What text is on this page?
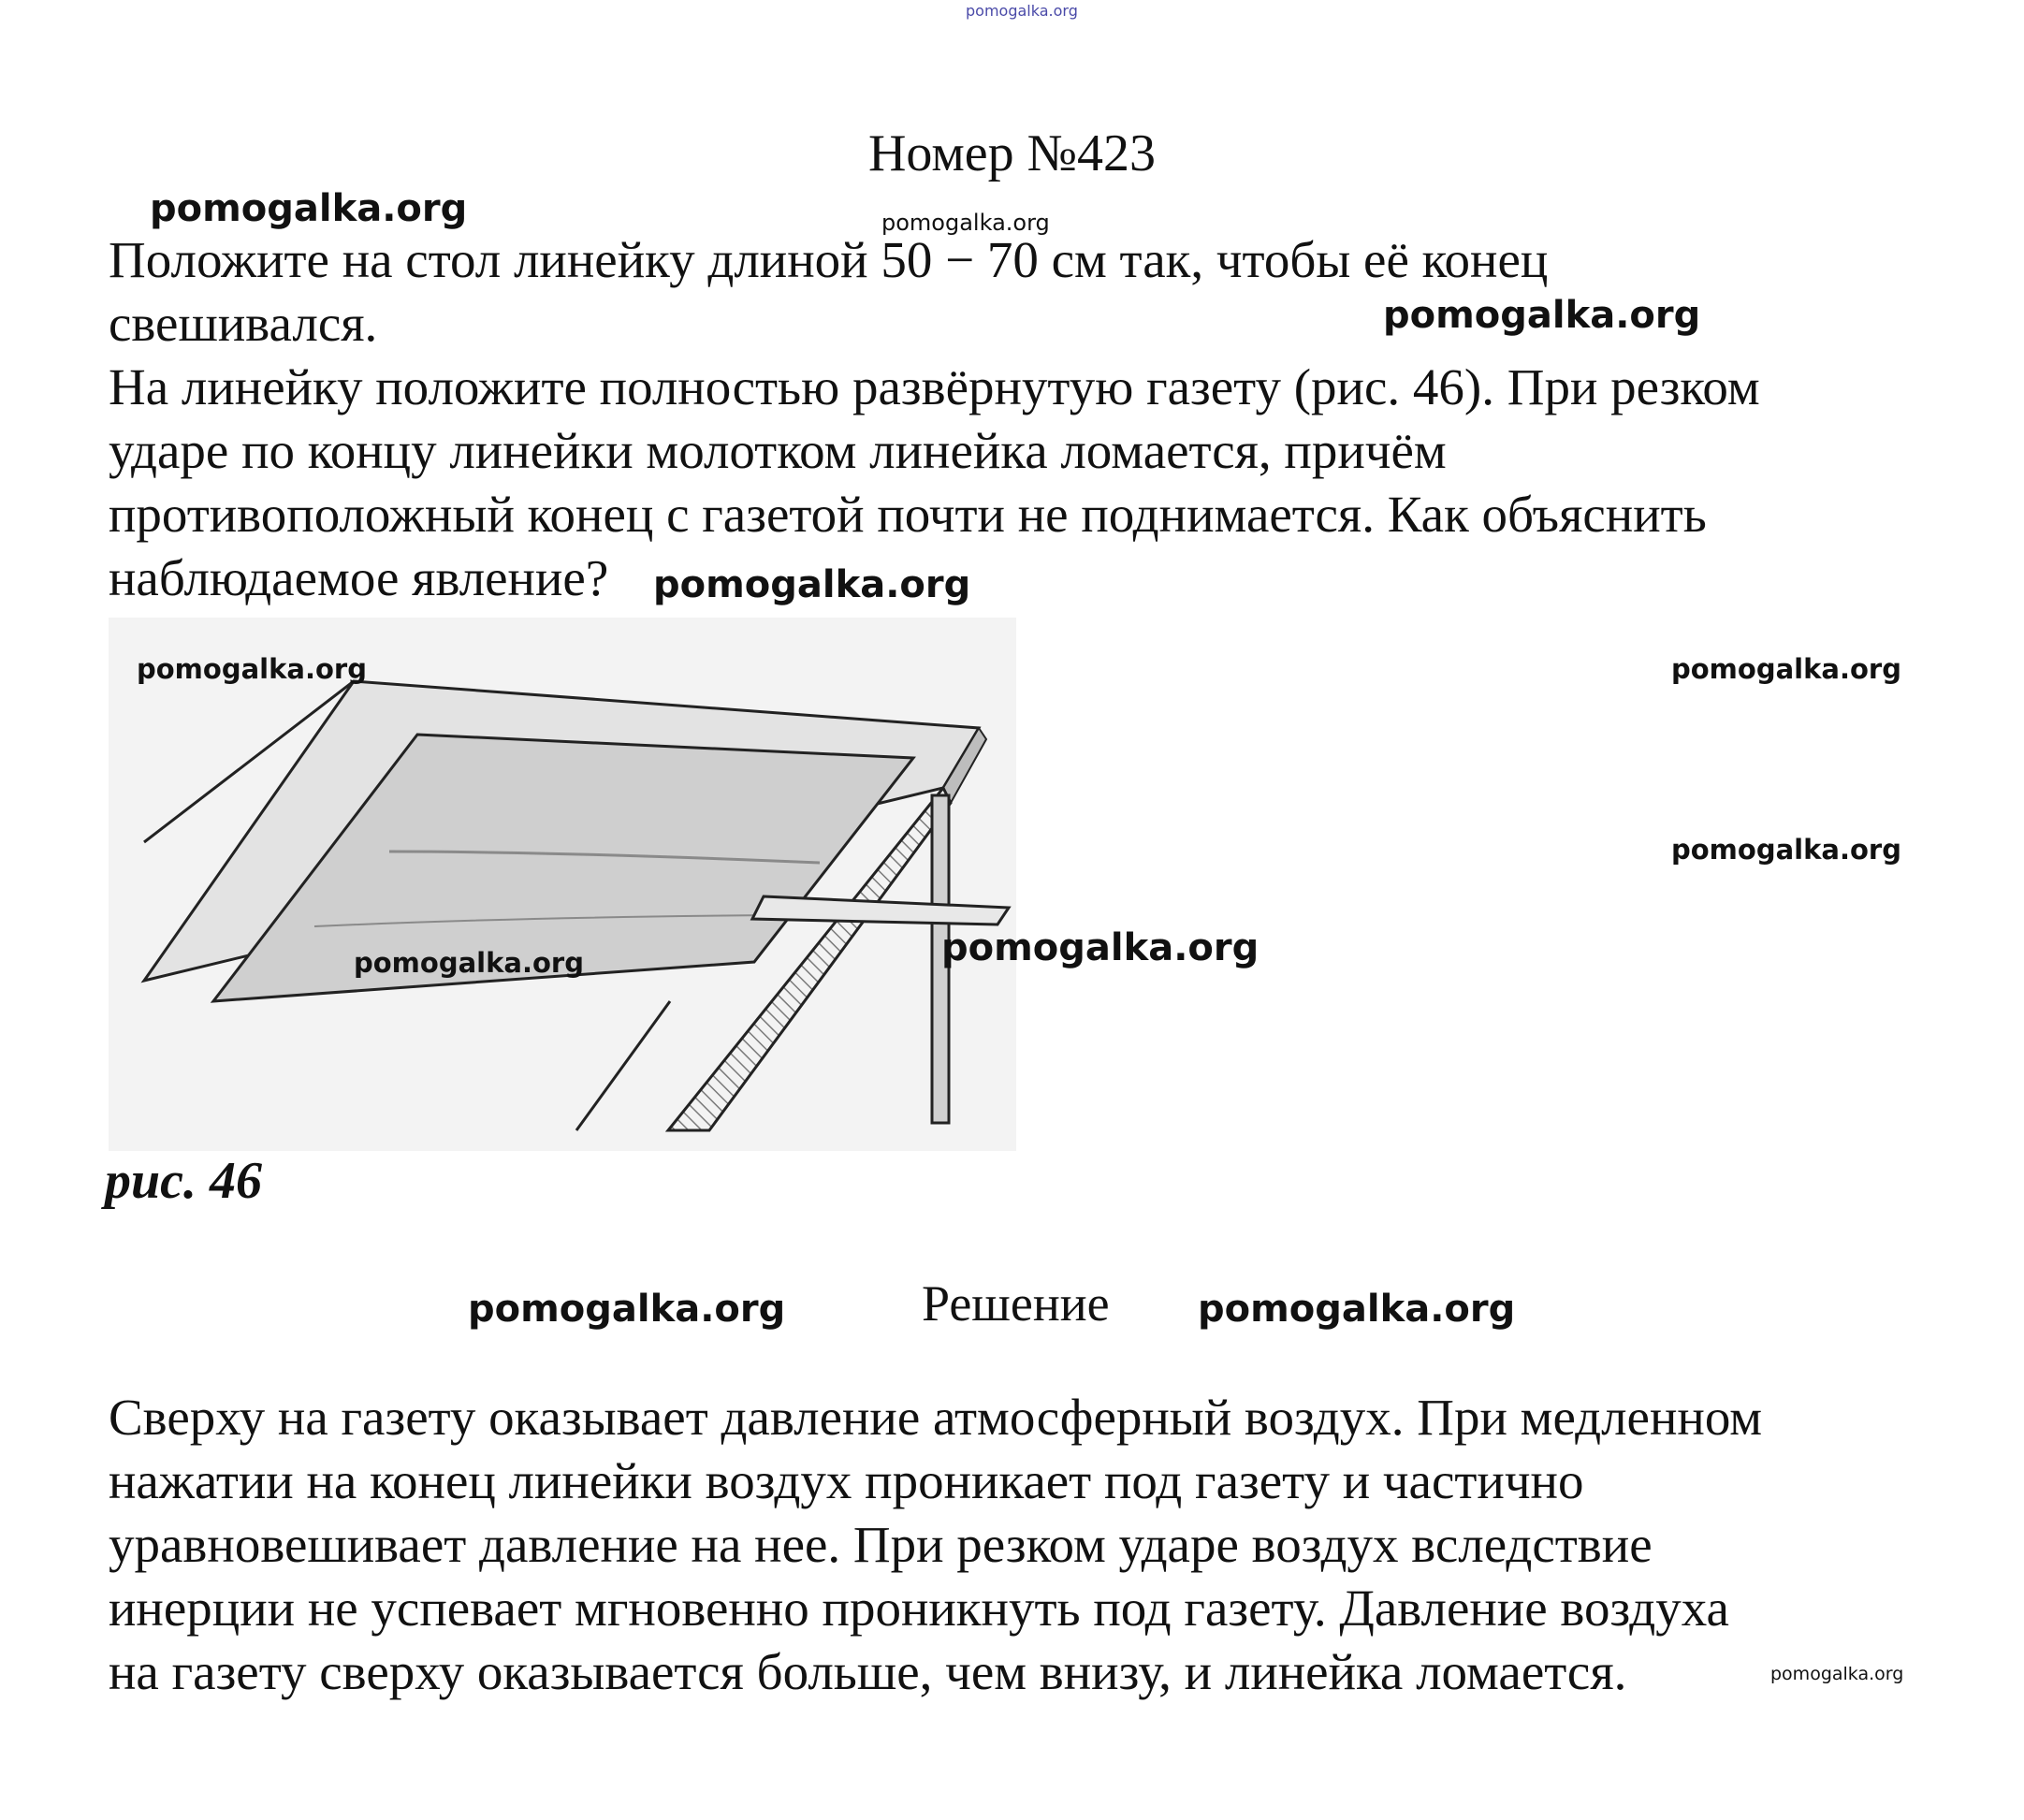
pomogalka.org
Номер №423
Положите на стол линейку длиной 50 − 70 см так, чтобы её конец
свешивался.
На линейку положите полностью развёрнутую газету (рис. 46). При резком
ударе по концу линейки молотком линейка ломается, причём
противоположный конец с газетой почти не поднимается. Как объяснить
наблюдаемое явление?
рис. 46
Решение
Сверху на газету оказывает давление атмосферный воздух. При медленном
нажатии на конец линейки воздух проникает под газету и частично
уравновешивает давление на нее. При резком ударе воздух вследствие
инерции не успевает мгновенно проникнуть под газету. Давление воздуха
на газету сверху оказывается больше, чем внизу, и линейка ломается.
pomogalka.org	pomogalka.org
pomogalka.org
pomogalka.org
pomogalka.org	pomogalka.org
pomogalka.org
pomogalka.org
pomogalka.org
pomogalka.org	pomogalka.org
pomogalka.org
